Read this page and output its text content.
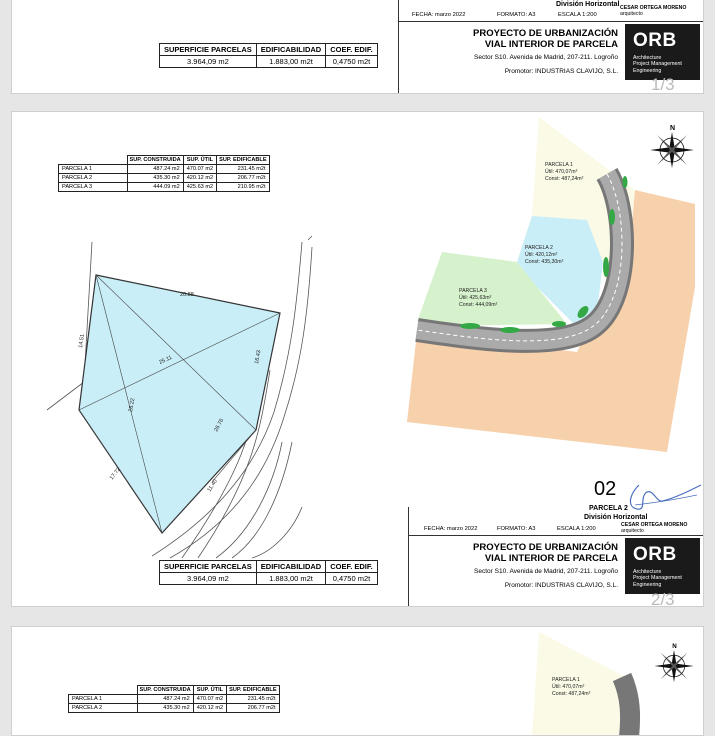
SUPERFICIE PARCELAS	EDIFICABILIDAD	COEF. EDIF.
3.964,09 m2	1.883,00 m2t	0,4750 m2t
FECHA: marzo 2022	FORMATO: A3	ESCALA 1:200
División Horizontal CESAR ORTEGA MORENO
arquitecto
PROYECTO DE URBANIZACIÓN
VIAL INTERIOR DE PARCELA
Sector S10. Avenida de Madrid, 207-211. Logroño
Promotor: INDUSTRIAS CLAVIJO, S.L.
ORB
Architecture
Project Management
Engineering
1/3
	SUP. CONSTRUIDA	SUP. ÚTIL	SUP. EDIFICABLE
PARCELA 1	487.24 m2	470.07 m2	231.45 m2t
PARCELA 2	435.30 m2	420.12 m2	206.77 m2t
PARCELA 3	444.09 m2	425.63 m2	210.95 m2t
20.88
14.51
25.11	16.43
28.22
26.76
17.72
11.40
PARCELA 1
Útil: 470,07m²
Const: 487,24m²
PARCELA 2
Útil: 420,12m²
Const: 435,30m²
PARCELA 3
Útil: 425,63m²
Const: 444,09m²
N
02
PARCELA 2
División Horizontal
CESAR ORTEGA MORENO
arquitecto
FECHA: marzo 2022	FORMATO: A3	ESCALA 1:200
PROYECTO DE URBANIZACIÓN
VIAL INTERIOR DE PARCELA
Sector S10. Avenida de Madrid, 207-211. Logroño
Promotor: INDUSTRIAS CLAVIJO, S.L.
ORB
Architecture
Project Management
Engineering
2/3
SUPERFICIE PARCELAS	EDIFICABILIDAD	COEF. EDIF.
3.964,09 m2	1.883,00 m2t	0,4750 m2t
	SUP. CONSTRUIDA	SUP. ÚTIL	SUP. EDIFICABLE
PARCELA 1	487.24 m2	470.07 m2	231.45 m2t
PARCELA 2	435.30 m2	420.12 m2	206.77 m2t
PARCELA 1
Útil: 470,07m²
Const: 487,24m²
N
